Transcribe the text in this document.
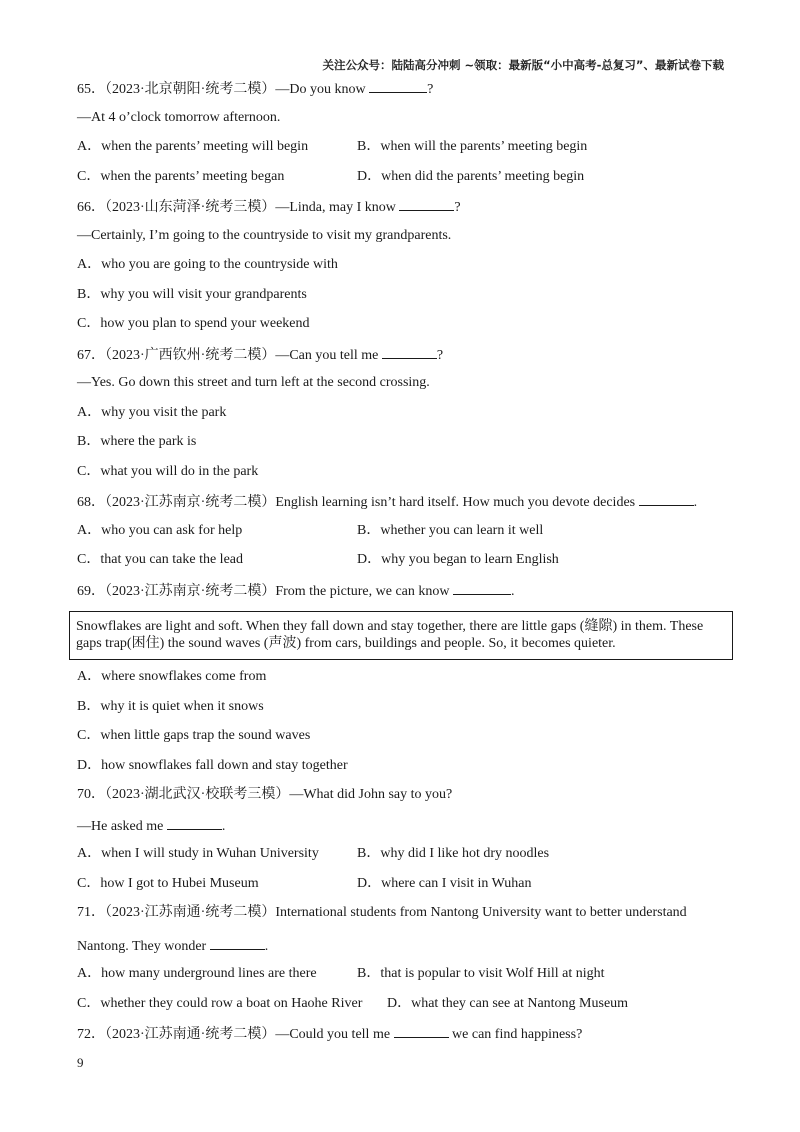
关注公众号：陆陆高分冲刺 ~领取：最新版“小中高考-总复习”、最新试卷下载
65．（2023·北京朝阳·统考二模）—Do you know	?
—At 4 o’clock tomorrow afternoon.
A．when the parents’ meeting will begin	B．when will the parents’ meeting begin
C．when the parents’ meeting began	D．when did the parents’ meeting begin
66．（2023·山东菏泽·统考三模）—Linda, may I know	?
—Certainly, I’m going to the countryside to visit my grandparents.
A．who you are going to the countryside with
B．why you will visit your grandparents
C．how you plan to spend your weekend
67．（2023·广西钦州·统考二模）—Can you tell me	?
—Yes. Go down this street and turn left at the second crossing.
A．why you visit the park
B．where the park is
C．what you will do in the park
68．（2023·江苏南京·统考二模）English learning isn’t hard itself. How much you devote decides	.
A．who you can ask for help	B．whether you can learn it well
C．that you can take the lead	D．why you began to learn English
69．（2023·江苏南京·统考二模）From the picture, we can know	.
Snowflakes are light and soft. When they fall down and stay together, there are little gaps (缝隙) in them. These gaps trap(困住) the sound waves (声波) from cars, buildings and people. So, it becomes quieter.
A．where snowflakes come from
B．why it is quiet when it snows
C．when little gaps trap the sound waves
D．how snowflakes fall down and stay together
70．（2023·湖北武汉·校联考三模）—What did John say to you?
—He asked me	.
A．when I will study in Wuhan University	B．why did I like hot dry noodles
C．how I got to Hubei Museum	D．where can I visit in Wuhan
71．（2023·江苏南通·统考二模）International students from Nantong University want to better understand
Nantong. They wonder	.
A．how many underground lines are there	B．that is popular to visit Wolf Hill at night
C．whether they could row a boat on Haohe River	D．what they can see at Nantong Museum
72．（2023·江苏南通·统考二模）—Could you tell me	we can find happiness?
9
